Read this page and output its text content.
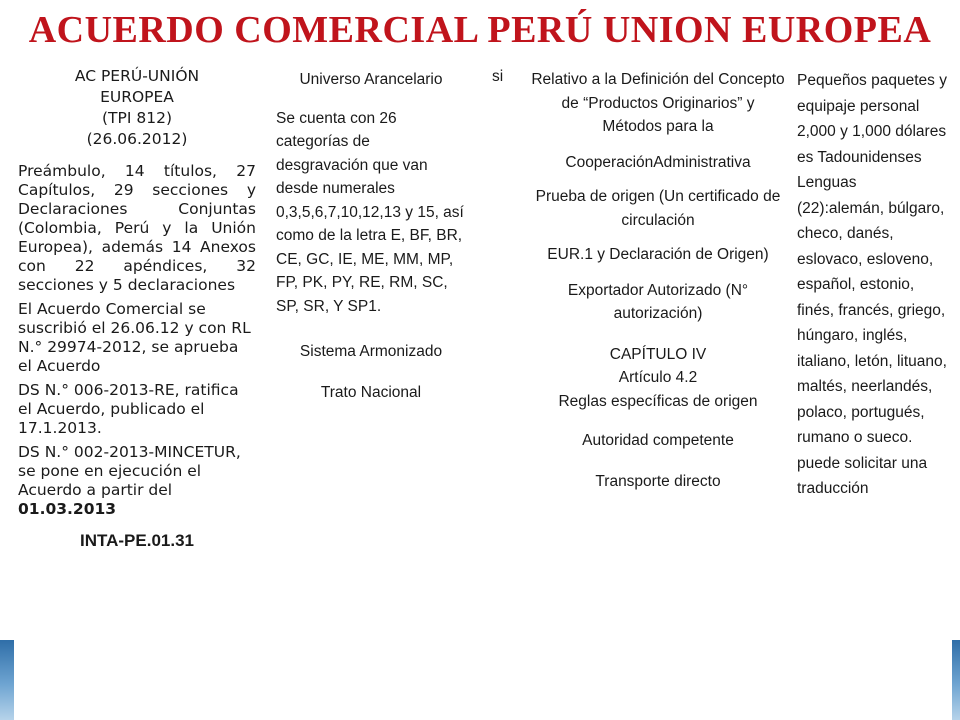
ACUERDO COMERCIAL PERÚ UNION EUROPEA
AC PERÚ-UNIÓN
EUROPEA
(TPI 812)
(26.06.2012)

Preámbulo, 14 títulos, 27 Capítulos, 29 secciones y Declaraciones Conjuntas (Colombia, Perú y la Unión Europea), además 14 Anexos con 22 apéndices, 32 secciones y 5 declaraciones

El Acuerdo Comercial se suscribió el 26.06.12 y con RL N.° 29974-2012, se aprueba el Acuerdo

DS N.° 006-2013-RE, ratifica el Acuerdo, publicado el 17.1.2013.

DS N.° 002-2013-MINCETUR, se pone en ejecución el Acuerdo a partir del 01.03.2013

INTA-PE.01.31

Universo Arancelario

Se cuenta con 26 categorías de desgravación que van desde numerales 0,3,5,6,7,10,12,13 y 15, así como de la letra E, BF, BR, CE, GC, IE, ME, MM, MP, FP, PK, PY, RE, RM, SC, SP, SR, Y SP1.

Sistema Armonizado

Trato Nacional

si	Relativo a la Definición del Concepto de “Productos Originarios” y Métodos para la

CooperaciónAdministrativa

Prueba de origen (Un certificado de circulación

EUR.1 y Declaración de Origen)

Exportador Autorizado (N° autorización)

CAPÍTULO IV

Artículo 4.2

Reglas específicas de origen

Autoridad competente

Transporte directo

Pequeños paquetes y equipaje personal 2,000 y 1,000 dólares es Tadounidenses Lenguas (22):alemán, búlgaro, checo, danés, eslovaco, esloveno, español, estonio, finés, francés, griego, húngaro, inglés, italiano, letón, lituano, maltés, neerlandés, polaco, portugués, rumano o sueco. puede solicitar una traducción
